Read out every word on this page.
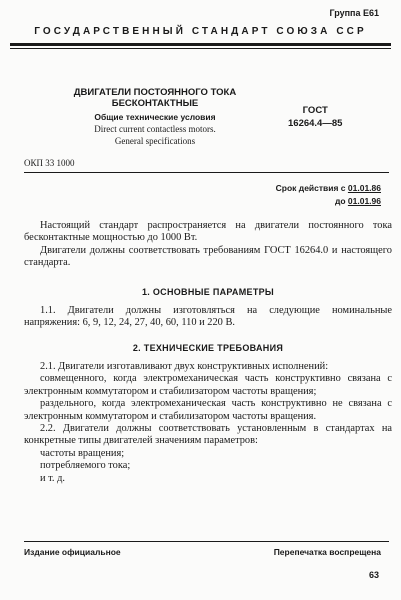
Группа Е61
ГОСУДАРСТВЕННЫЙ СТАНДАРТ СОЮЗА ССР
ДВИГАТЕЛИ ПОСТОЯННОГО ТОКА
БЕСКОНТАКТНЫЕ
Общие технические условия
Direct current contactless motors.
General specifications
ГОСТ
16264.4—85
ОКП 33 1000
Срок действия с 01.01.86
до 01.01.96

Настоящий стандарт распространяется на двигатели постоянного тока бесконтактные мощностью до 1000 Вт.

Двигатели должны соответствовать требованиям ГОСТ 16264.0 и настоящего стандарта.

1. ОСНОВНЫЕ ПАРАМЕТРЫ

1.1. Двигатели должны изготовляться на следующие номинальные напряжения: 6, 9, 12, 24, 27, 40, 60, 110 и 220 В.

2. ТЕХНИЧЕСКИЕ ТРЕБОВАНИЯ

2.1. Двигатели изготавливают двух конструктивных исполнений:

совмещенного, когда электромеханическая часть конструктивно связана с электронным коммутатором и стабилизатором частоты вращения;

раздельного, когда электромеханическая часть конструктивно не связана с электронным коммутатором и стабилизатором частоты вращения.

2.2. Двигатели должны соответствовать установленным в стандартах на конкретные типы двигателей значениям параметров:

частоты вращения;

потребляемого тока;

и т. д.

Издание официальное	Перепечатка воспрещена
63
